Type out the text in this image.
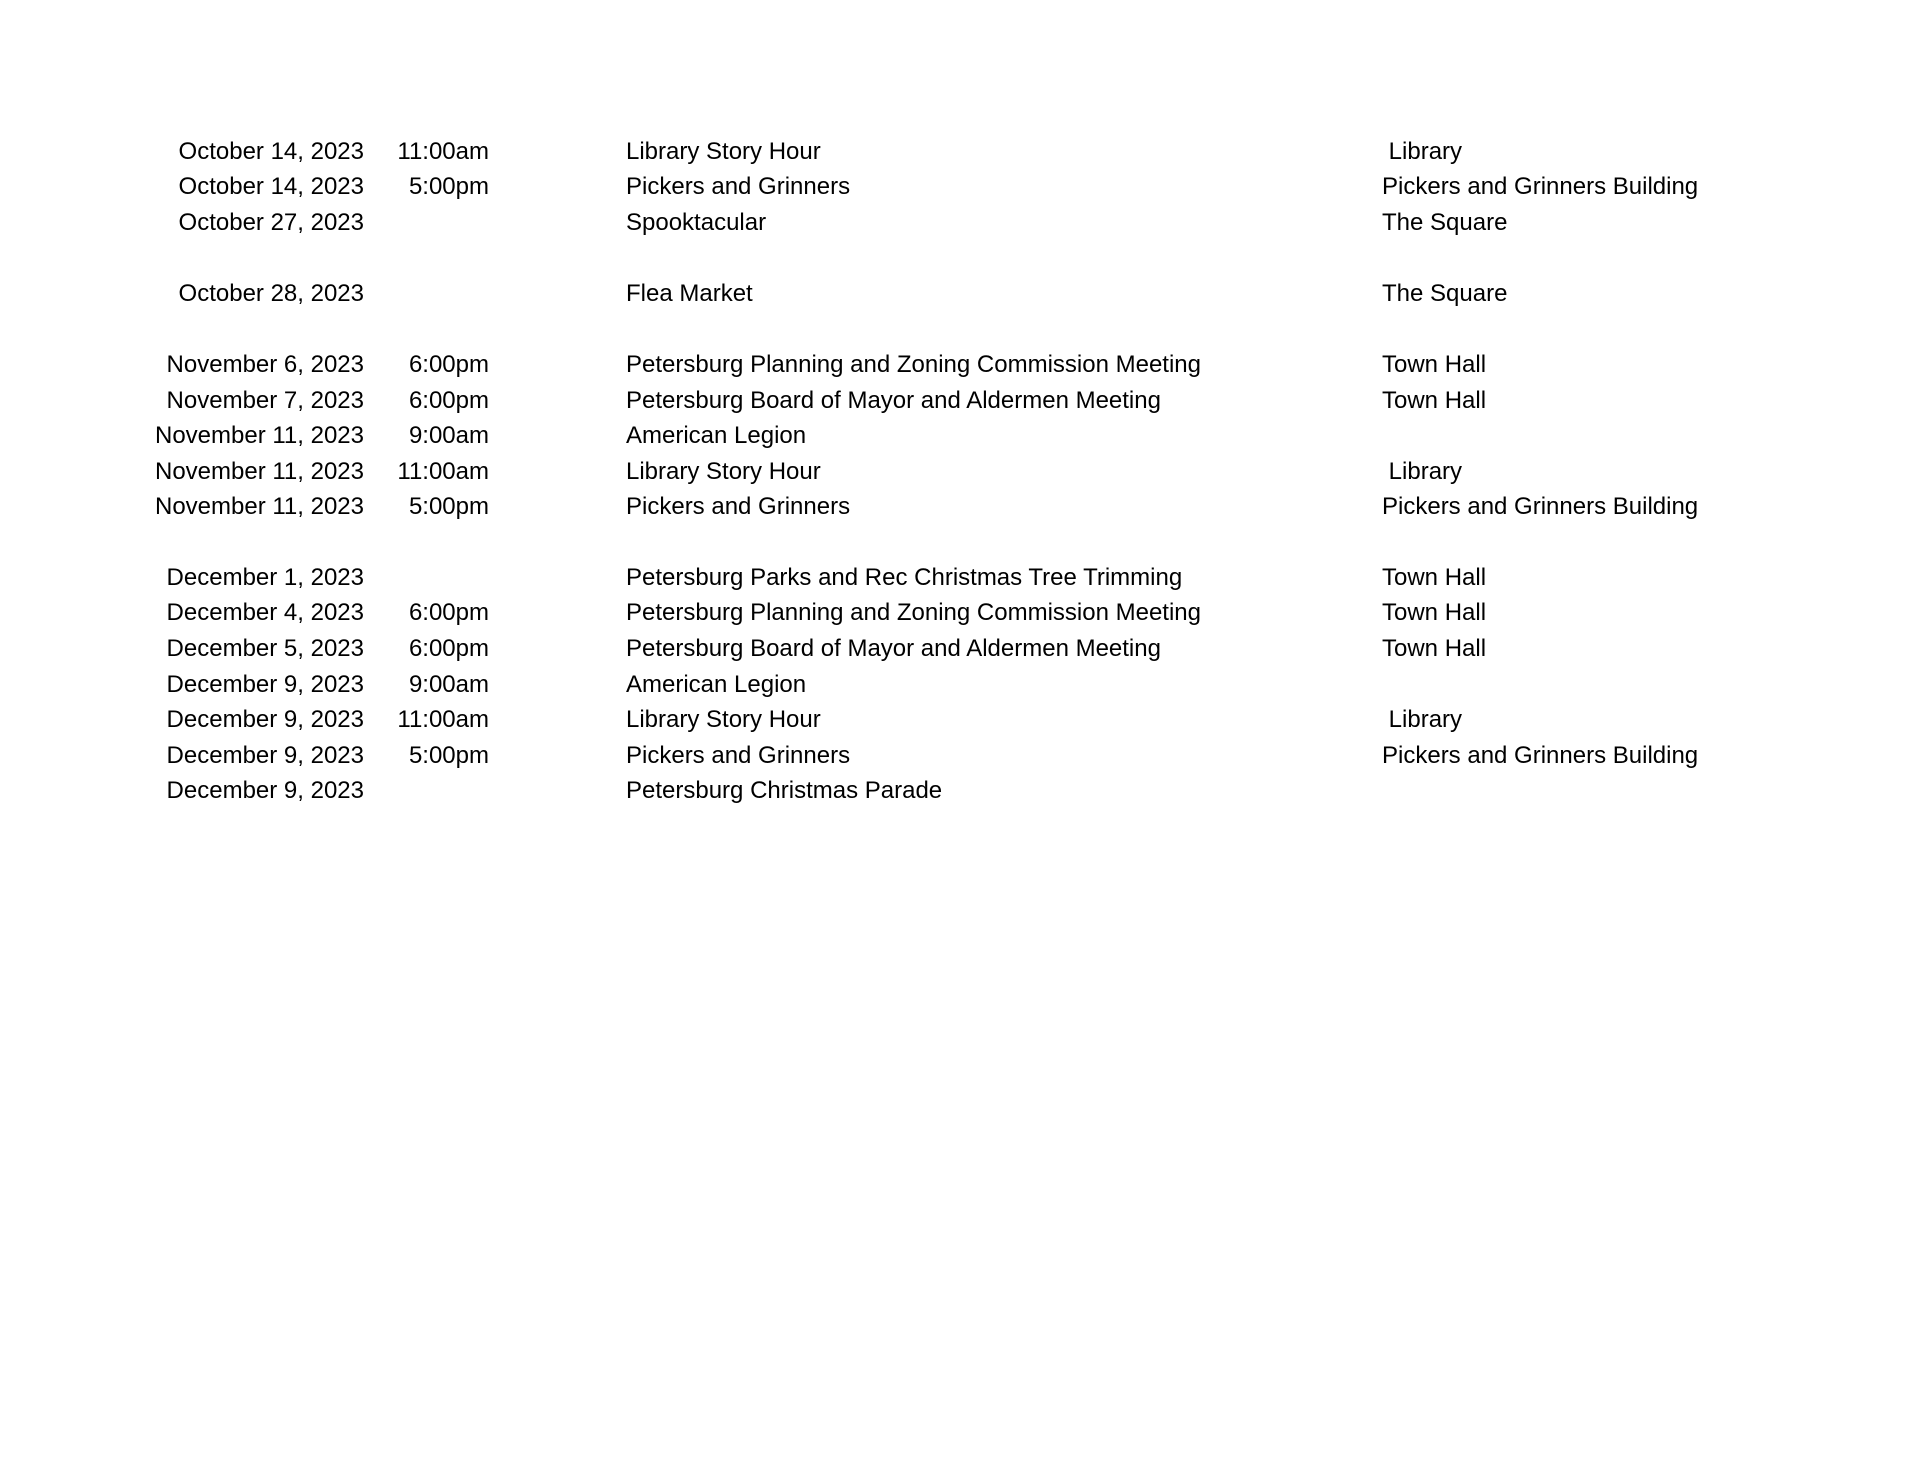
October 14, 2023 11:00am	Library Story Hour	Library
October 14, 2023 5:00pm	Pickers and Grinners	Pickers and Grinners Building
October 27, 2023	Spooktacular	The Square
October 28, 2023	Flea Market	The Square
November 6, 2023 6:00pm	Petersburg Planning and Zoning Commission Meeting	Town Hall
November 7, 2023 6:00pm	Petersburg Board of Mayor and Aldermen Meeting	Town Hall
November 11, 2023 9:00am	American Legion
November 11, 2023 11:00am	Library Story Hour	Library
November 11, 2023 5:00pm	Pickers and Grinners	Pickers and Grinners Building
December 1, 2023	Petersburg Parks and Rec Christmas Tree Trimming	Town Hall
December 4, 2023 6:00pm	Petersburg Planning and Zoning Commission Meeting	Town Hall
December 5, 2023 6:00pm	Petersburg Board of Mayor and Aldermen Meeting	Town Hall
December 9, 2023 9:00am	American Legion
December 9, 2023 11:00am	Library Story Hour	Library
December 9, 2023 5:00pm	Pickers and Grinners	Pickers and Grinners Building
December 9, 2023	Petersburg Christmas Parade
